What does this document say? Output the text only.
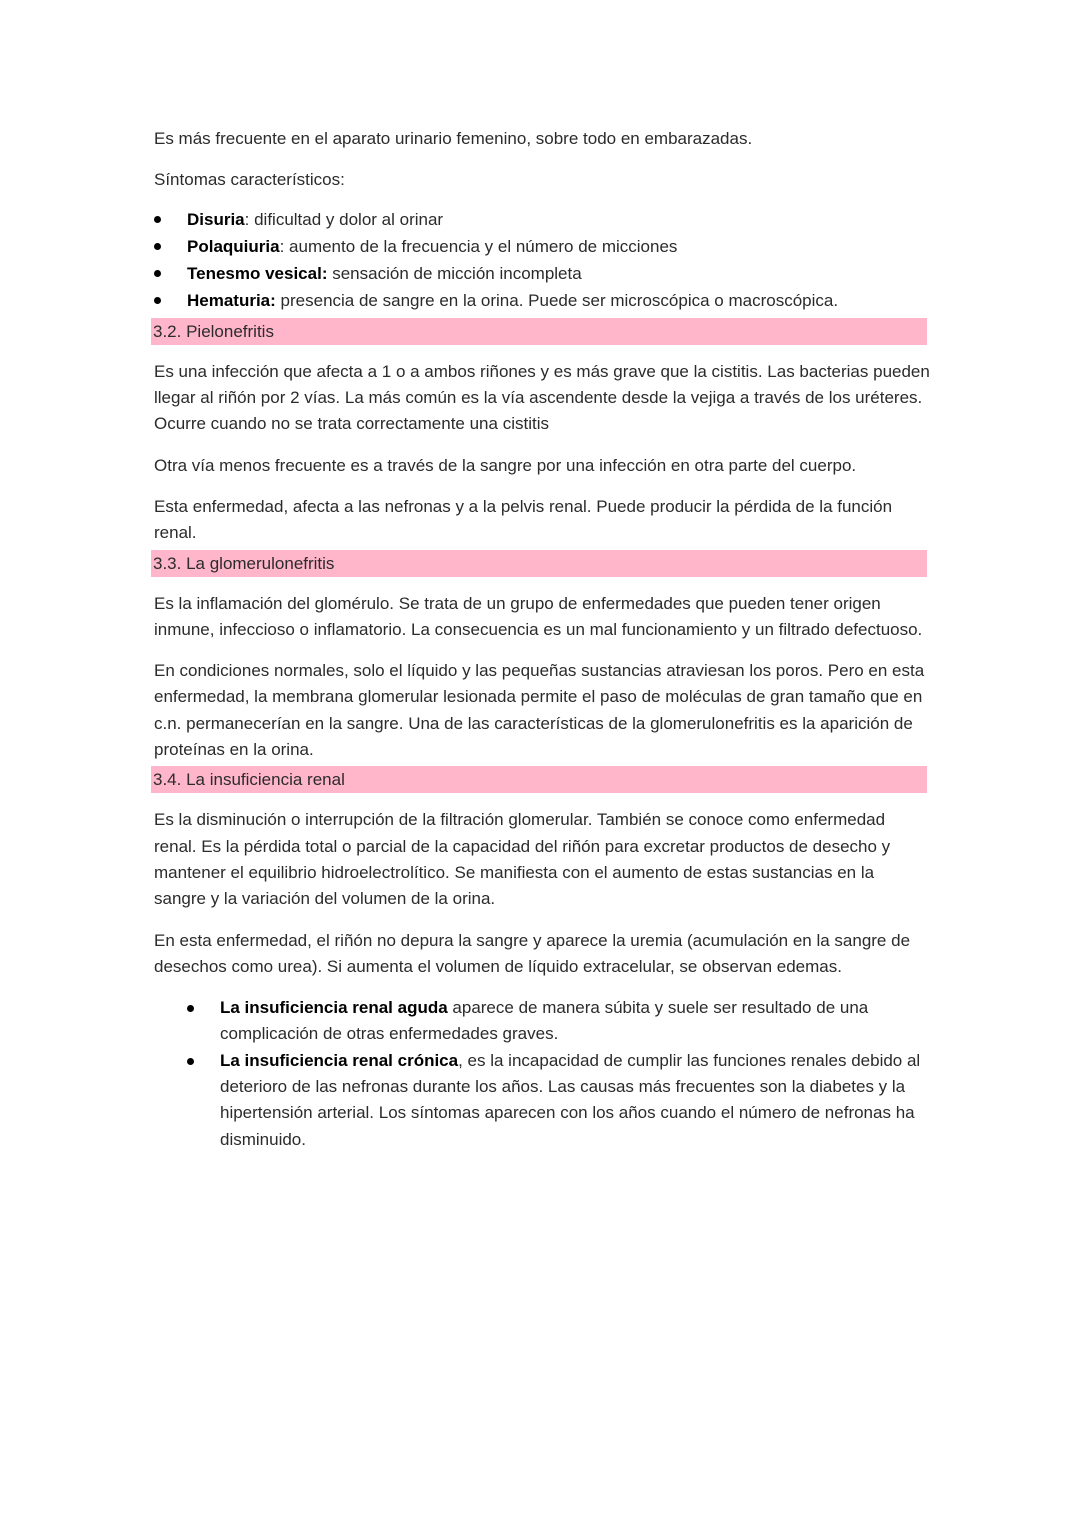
Es más frecuente en el aparato urinario femenino, sobre todo en embarazadas.

Síntomas característicos:

Disuria: dificultad y dolor al orinar
Polaquiuria: aumento de la frecuencia y el número de micciones
Tenesmo vesical: sensación de micción incompleta
Hematuria: presencia de sangre en la orina. Puede ser microscópica o macroscópica.
3.2. Pielonefritis

Es una infección que afecta a 1 o a ambos riñones y es más grave que la cistitis. Las bacterias pueden llegar al riñón por 2 vías. La más común es la vía ascendente desde la vejiga a través de los uréteres. Ocurre cuando no se trata correctamente una cistitis

Otra vía menos frecuente es a través de la sangre por una infección en otra parte del cuerpo.

Esta enfermedad, afecta a las nefronas y a la pelvis renal. Puede producir la pérdida de la función renal.

3.3. La glomerulonefritis

Es la inflamación del glomérulo. Se trata de un grupo de enfermedades que pueden tener origen inmune, infeccioso o inflamatorio. La consecuencia es un mal funcionamiento y un filtrado defectuoso.

En condiciones normales, solo el líquido y las pequeñas sustancias atraviesan los poros. Pero en esta enfermedad, la membrana glomerular lesionada permite el paso de moléculas de gran tamaño que en c.n. permanecerían en la sangre. Una de las características de la glomerulonefritis es la aparición de proteínas en la orina.

3.4. La insuficiencia renal

Es la disminución o interrupción de la filtración glomerular. También se conoce como enfermedad renal. Es la pérdida total o parcial de la capacidad del riñón para excretar productos de desecho y mantener el equilibrio hidroelectrolítico. Se manifiesta con el aumento de estas sustancias en la sangre y la variación del volumen de la orina.

En esta enfermedad, el riñón no depura la sangre y aparece la uremia (acumulación en la sangre de desechos como urea). Si aumenta el volumen de líquido extracelular, se observan edemas.

La insuficiencia renal aguda aparece de manera súbita y suele ser resultado de una complicación de otras enfermedades graves.
La insuficiencia renal crónica, es la incapacidad de cumplir las funciones renales debido al deterioro de las nefronas durante los años. Las causas más frecuentes son la diabetes y la hipertensión arterial. Los síntomas aparecen con los años cuando el número de nefronas ha disminuido.
